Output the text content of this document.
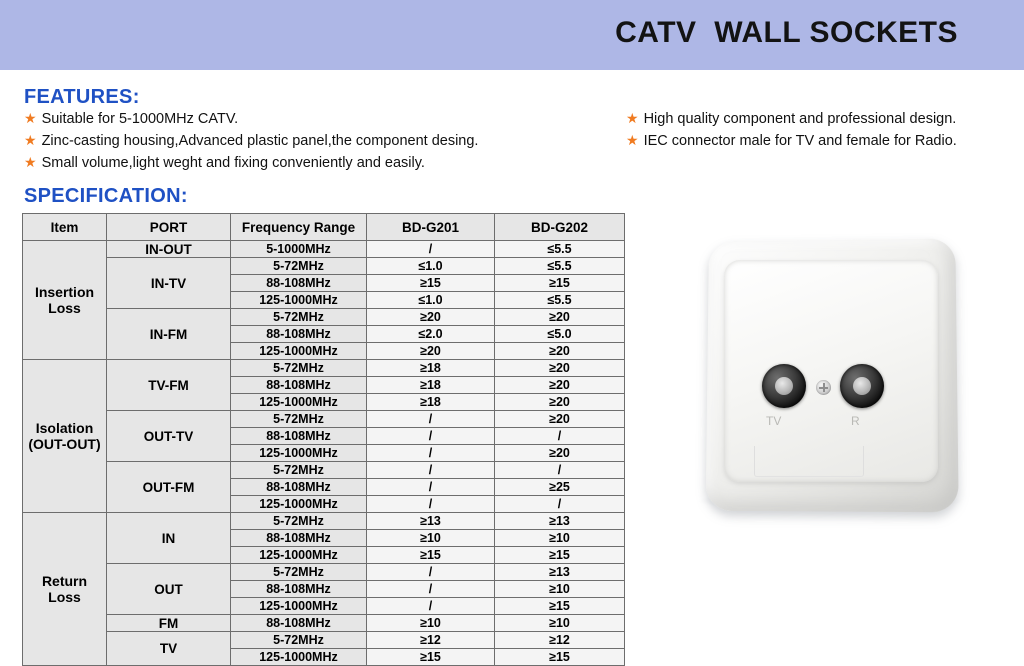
CATV  WALL SOCKETS
FEATURES:
★ Suitable for 5-1000MHz CATV.
★ Zinc-casting housing,Advanced plastic panel,the component desing.
★ Small volume,light weght and fixing conveniently and easily.
★ High quality component and professional design.
★ IEC connector male for TV and female for Radio.
SPECIFICATION:
Item	PORT	Frequency Range	BD-G201	BD-G202
Insertion
Loss	IN-OUT	5-1000MHz	/	≤5.5
	IN-TV	5-72MHz	≤1.0	≤5.5
		88-108MHz	≥15	≥15
		125-1000MHz	≤1.0	≤5.5
	IN-FM	5-72MHz	≥20	≥20
		88-108MHz	≤2.0	≤5.0
		125-1000MHz	≥20	≥20
Isolation
(OUT-OUT)	TV-FM	5-72MHz	≥18	≥20
		88-108MHz	≥18	≥20
		125-1000MHz	≥18	≥20
	OUT-TV	5-72MHz	/	≥20
		88-108MHz	/	/
		125-1000MHz	/	≥20
	OUT-FM	5-72MHz	/	/
		88-108MHz	/	≥25
		125-1000MHz	/	/
Return
Loss	IN	5-72MHz	≥13	≥13
		88-108MHz	≥10	≥10
		125-1000MHz	≥15	≥15
	OUT	5-72MHz	/	≥13
		88-108MHz	/	≥10
		125-1000MHz	/	≥15
	FM	88-108MHz	≥10	≥10
	TV	5-72MHz	≥12	≥12
		125-1000MHz	≥15	≥15
TV	R
